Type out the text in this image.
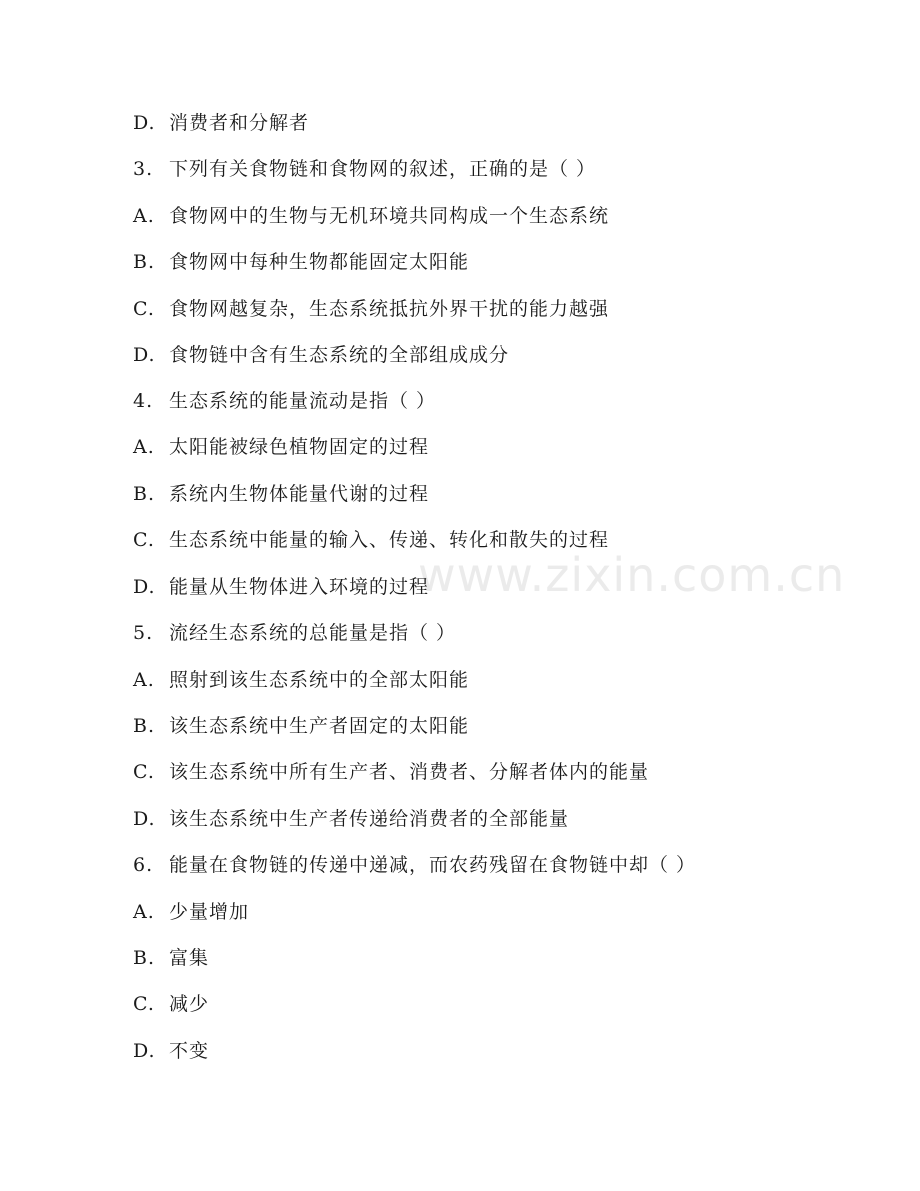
www.zixin.com.cn
D. 消费者和分解者
3. 下列有关食物链和食物网的叙述，正确的是（ ）
A. 食物网中的生物与无机环境共同构成一个生态系统
B. 食物网中每种生物都能固定太阳能
C. 食物网越复杂，生态系统抵抗外界干扰的能力越强
D. 食物链中含有生态系统的全部组成成分
4. 生态系统的能量流动是指（ ）
A. 太阳能被绿色植物固定的过程
B. 系统内生物体能量代谢的过程
C. 生态系统中能量的输入、传递、转化和散失的过程
D. 能量从生物体进入环境的过程
5. 流经生态系统的总能量是指（ ）
A. 照射到该生态系统中的全部太阳能
B. 该生态系统中生产者固定的太阳能
C. 该生态系统中所有生产者、消费者、分解者体内的能量
D. 该生态系统中生产者传递给消费者的全部能量
6. 能量在食物链的传递中递减，而农药残留在食物链中却（ ）
A. 少量增加
B. 富集
C. 减少
D. 不变
